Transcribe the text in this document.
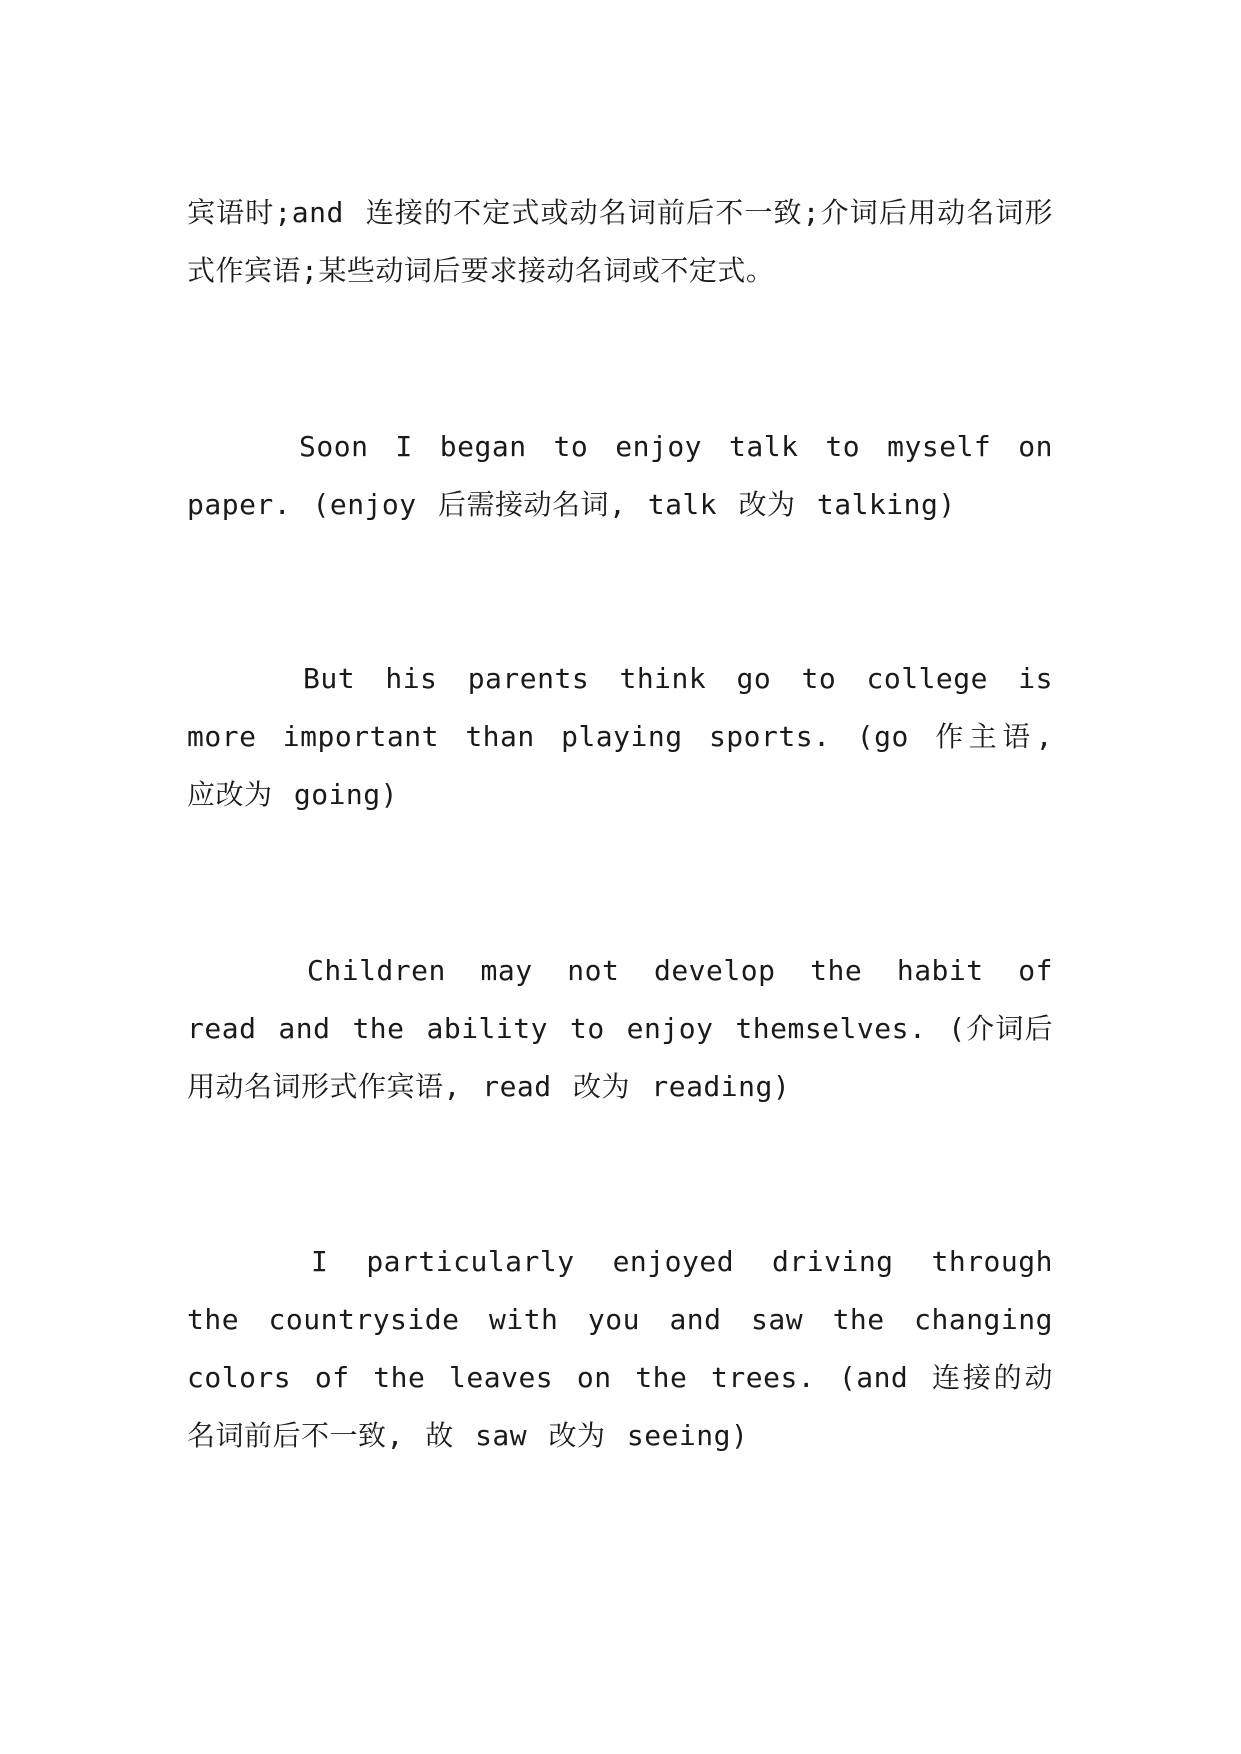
宾语时;and 连接的不定式或动名词前后不一致;介词后用动名词形式作宾语;某些动词后要求接动名词或不定式。

Soon I began to enjoy talk to myself on paper. (enjoy 后需接动名词, talk 改为 talking)

But his parents think go to college is more important than playing sports. (go 作主语, 应改为 going)

Children may not develop the habit of read and the ability to enjoy themselves. (介词后用动名词形式作宾语, read 改为 reading)

I particularly enjoyed driving through the countryside with you and saw the changing colors of the leaves on the trees. (and 连接的动名词前后不一致, 故 saw 改为 seeing)
